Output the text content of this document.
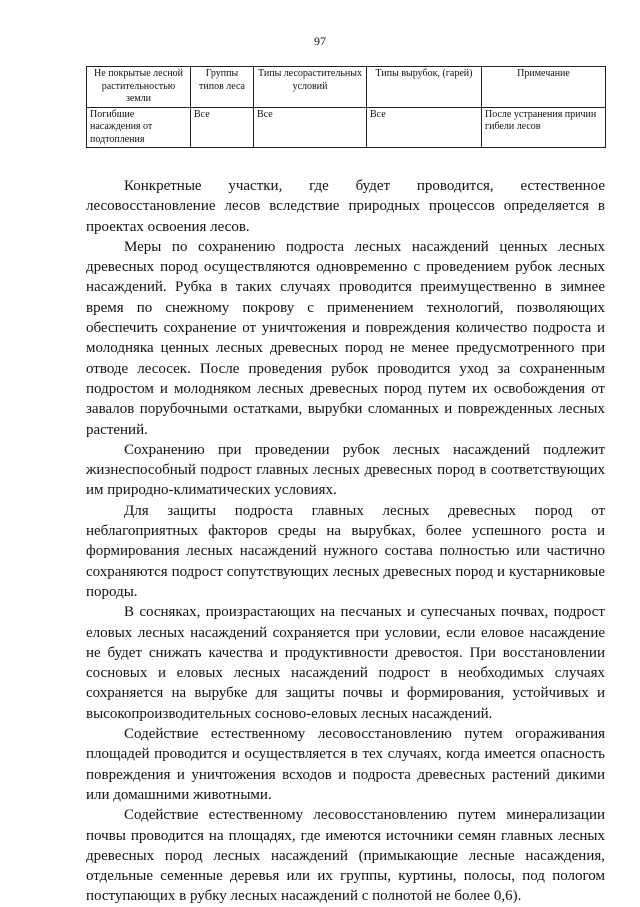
97
Не покрытые лесной растительностью земли	Группы типов леса	Типы лесорастительных условий	Типы вырубок, (гарей)	Примечание
Погибшие насаждения от подтопления	Все	Все	Все	После устранения причин гибели лесов

Конкретные участки, где будет проводится, естественное лесовосстановление лесов вследствие природных процессов определяется в проектах освоения лесов.

Меры по сохранению подроста лесных насаждений ценных лесных древесных пород осуществляются одновременно с проведением рубок лесных насаждений. Рубка в таких случаях проводится преимущественно в зимнее время по снежному покрову с применением технологий, позволяющих обеспечить сохранение от уничтожения и повреждения количество подроста и молодняка ценных лесных древесных пород не менее предусмотренного при отводе лесосек. После проведения рубок проводится уход за сохраненным подростом и молодняком лесных древесных пород путем их освобождения от завалов порубочными остатками, вырубки сломанных и поврежденных лесных растений.

Сохранению при проведении рубок лесных насаждений подлежит жизнеспособный подрост главных лесных древесных пород в соответствующих им природно-климатических условиях.

Для защиты подроста главных лесных древесных пород от неблагоприятных факторов среды на вырубках, более успешного роста и формирования лесных насаждений нужного состава полностью или частично сохраняются подрост сопутствующих лесных древесных пород и кустарниковые породы.

В сосняках, произрастающих на песчаных и супесчаных почвах, подрост еловых лесных насаждений сохраняется при условии, если еловое насаждение не будет снижать качества и продуктивности древостоя. При восстановлении сосновых и еловых лесных насаждений подрост в необходимых случаях сохраняется на вырубке для защиты почвы и формирования, устойчивых и высокопроизводительных сосново-еловых лесных насаждений.

Содействие естественному лесовосстановлению путем огораживания площадей проводится и осуществляется в тех случаях, когда имеется опасность повреждения и уничтожения всходов и подроста древесных растений дикими или домашними животными.

Содействие естественному лесовосстановлению путем минерализации почвы проводится на площадях, где имеются источники семян главных лесных древесных пород лесных насаждений (примыкающие лесные насаждения, отдельные семенные деревья или их группы, куртины, полосы, под пологом поступающих в рубку лесных насаждений с полнотой не более 0,6).
